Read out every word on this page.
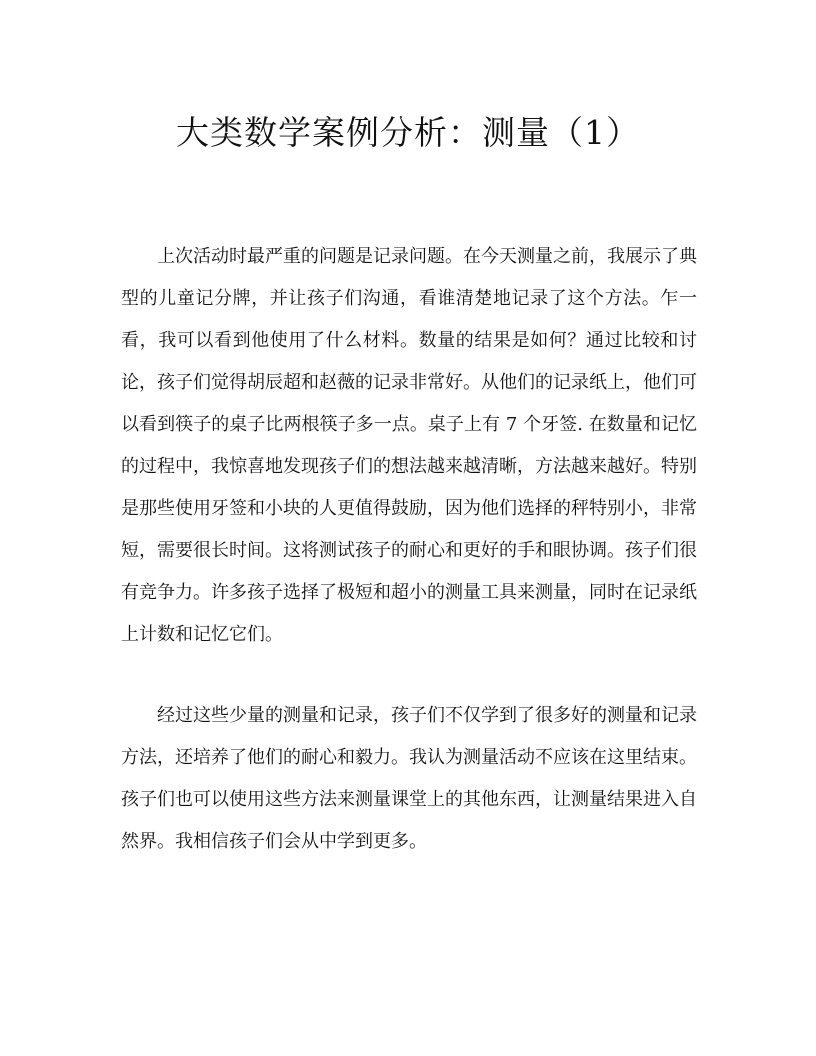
大类数学案例分析：测量（1）

上次活动时最严重的问题是记录问题。在今天测量之前，我展示了典型的儿童记分牌，并让孩子们沟通，看谁清楚地记录了这个方法。乍一看，我可以看到他使用了什么材料。数量的结果是如何？通过比较和讨论，孩子们觉得胡辰超和赵薇的记录非常好。从他们的记录纸上，他们可以看到筷子的桌子比两根筷子多一点。桌子上有 7 个牙签. 在数量和记忆的过程中，我惊喜地发现孩子们的想法越来越清晰，方法越来越好。特别是那些使用牙签和小块的人更值得鼓励，因为他们选择的秤特别小，非常短，需要很长时间。这将测试孩子的耐心和更好的手和眼协调。孩子们很有竞争力。许多孩子选择了极短和超小的测量工具来测量，同时在记录纸上计数和记忆它们。

经过这些少量的测量和记录，孩子们不仅学到了很多好的测量和记录方法，还培养了他们的耐心和毅力。我认为测量活动不应该在这里结束。孩子们也可以使用这些方法来测量课堂上的其他东西，让测量结果进入自然界。我相信孩子们会从中学到更多。
